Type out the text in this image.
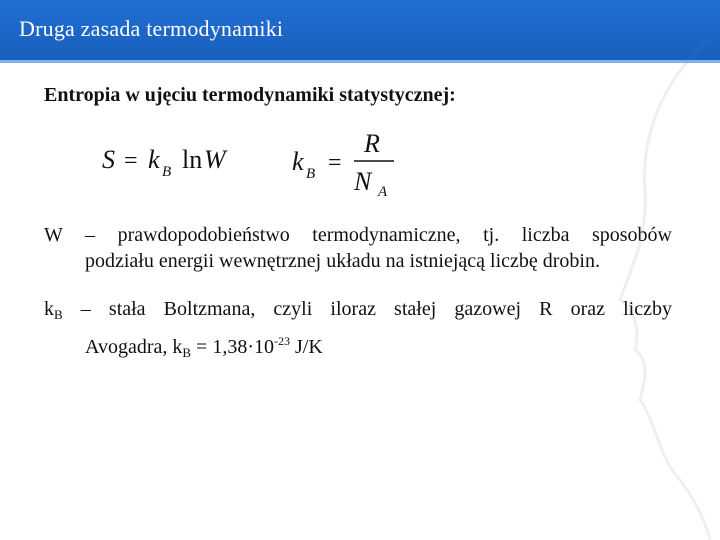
Druga zasada termodynamiki
Entropia w ujęciu termodynamiki statystycznej:
S = k B ln W	k B =
R
N A
W – prawdopodobieństwo termodynamiczne, tj. liczba sposobów
podziału energii wewnętrznej układu na istniejącą liczbę drobin.
$k_B$ – stała Boltzmana, czyli iloraz stałej gazowej R oraz liczby
Avogadra, $k_B = 1,38\cdot 10^{-23}$ J/K
